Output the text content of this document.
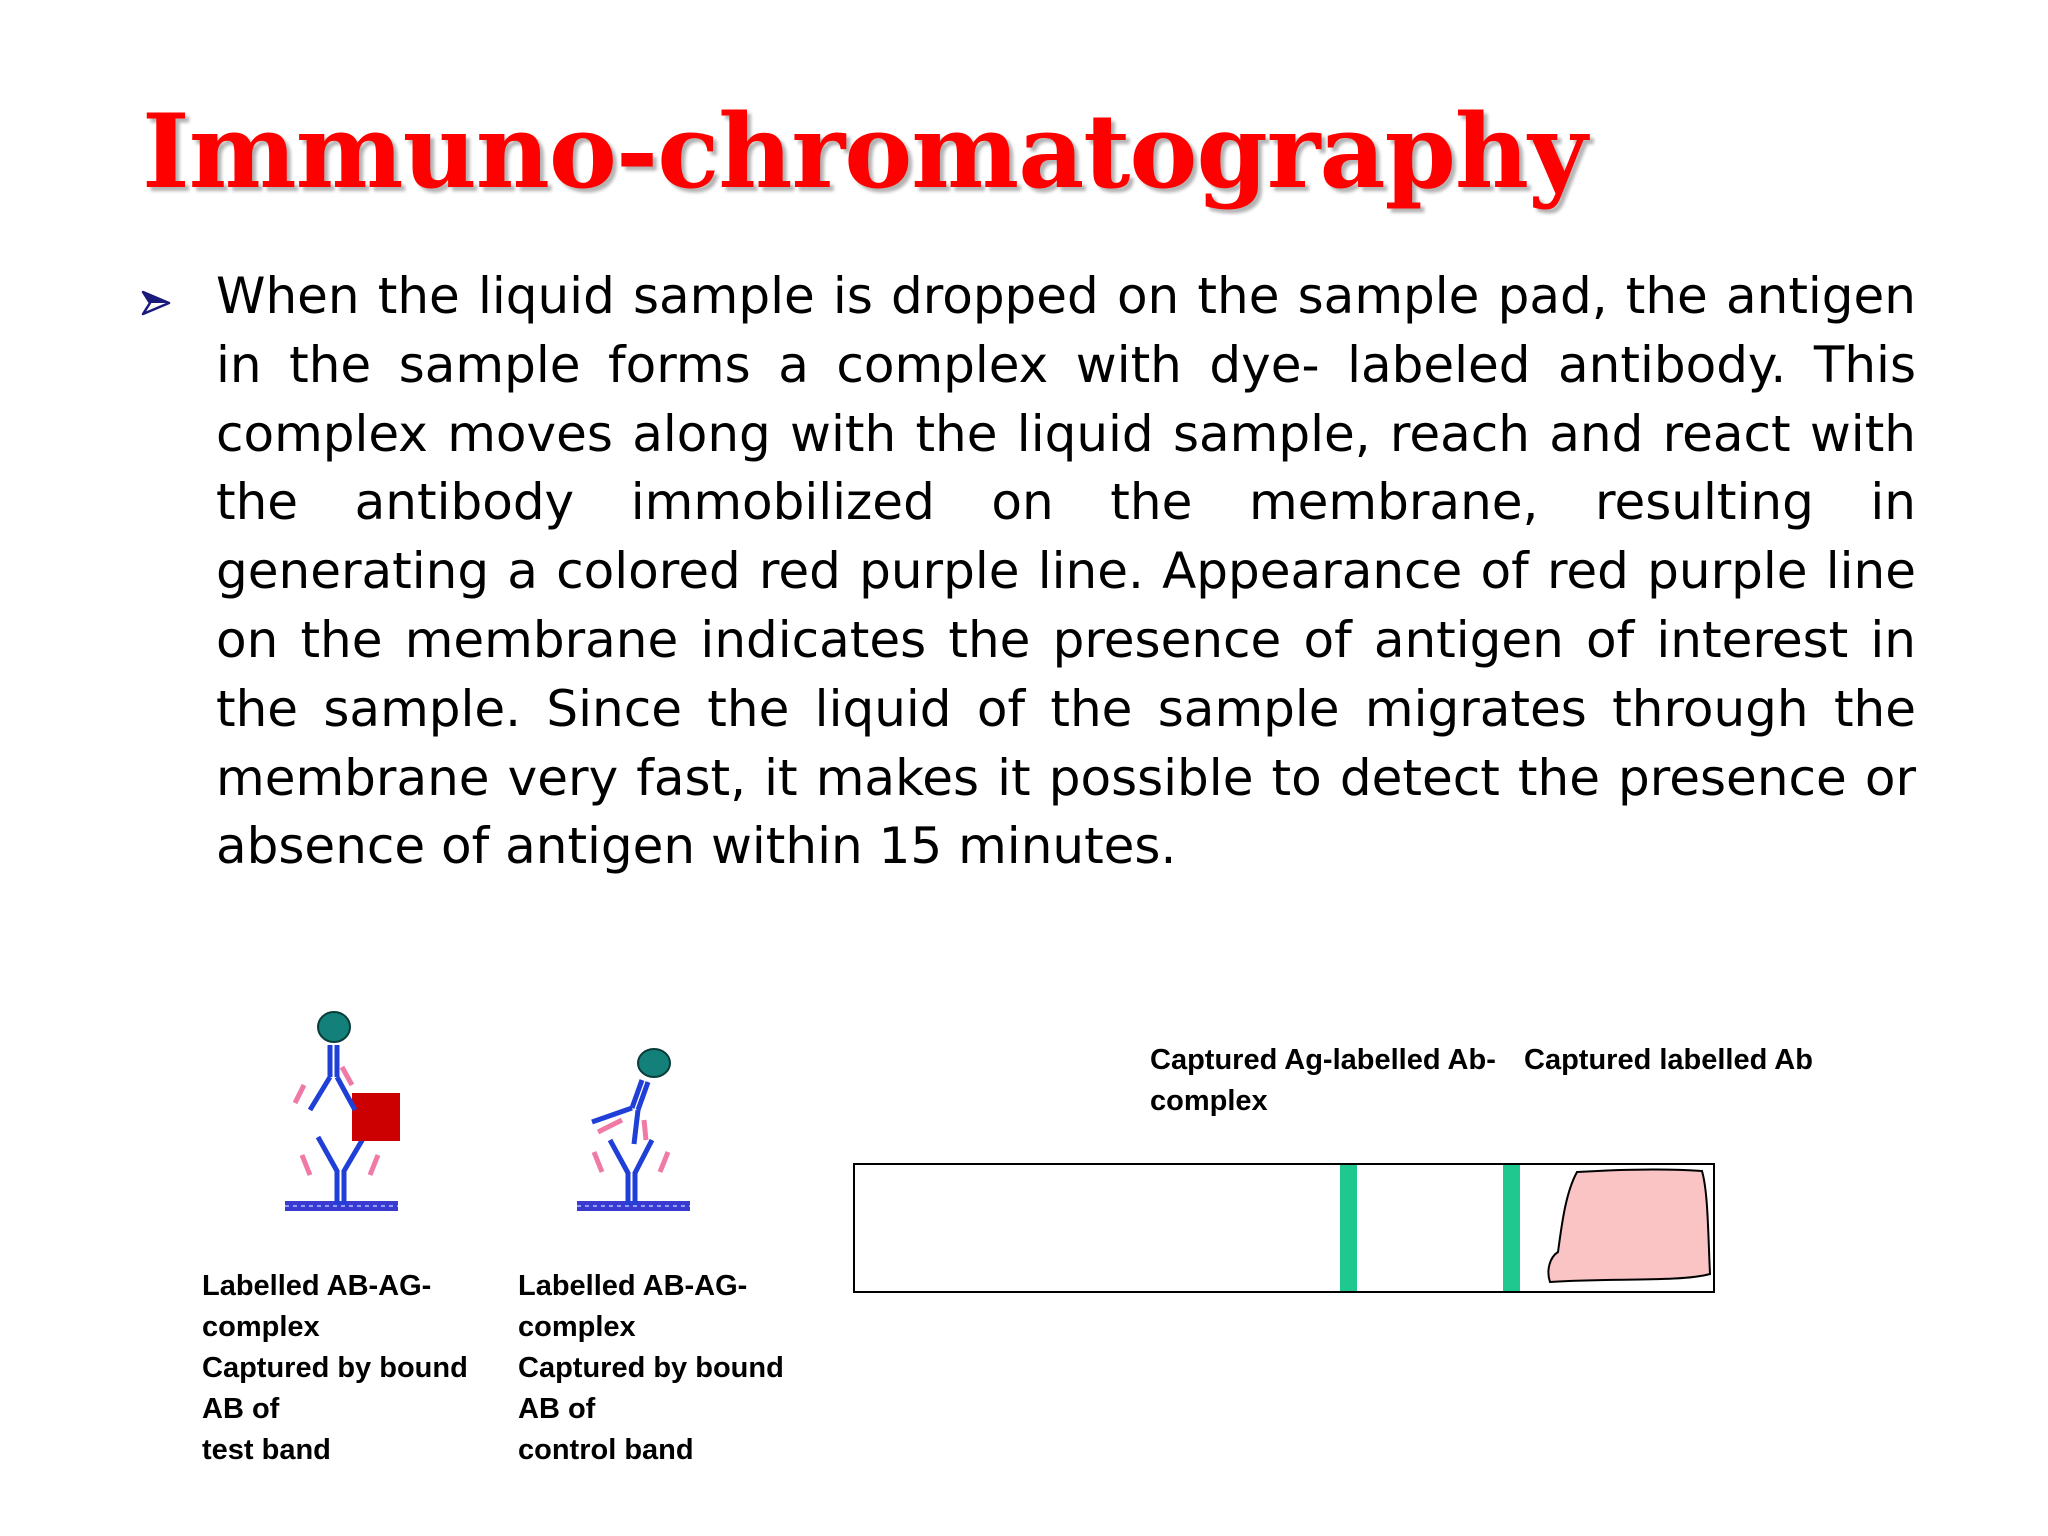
Immuno-chromatography

When the liquid sample is dropped on the sample pad, the antigen in the sample forms a complex with dye- labeled antibody. This complex moves along with the liquid sample, reach and react with the antibody immobilized on the membrane, resulting in generating a colored red purple line. Appearance of red purple line on the membrane indicates the presence of antigen of interest in the sample. Since the liquid of the sample migrates through the membrane very fast, it makes it possible to detect the presence or absence of antigen within 15 minutes.

Labelled AB-AG-
complex
Captured by bound
AB of
test band
Labelled AB-AG-
complex
Captured by bound
AB of
control band
Captured Ag-labelled Ab-
complex
Captured labelled Ab
